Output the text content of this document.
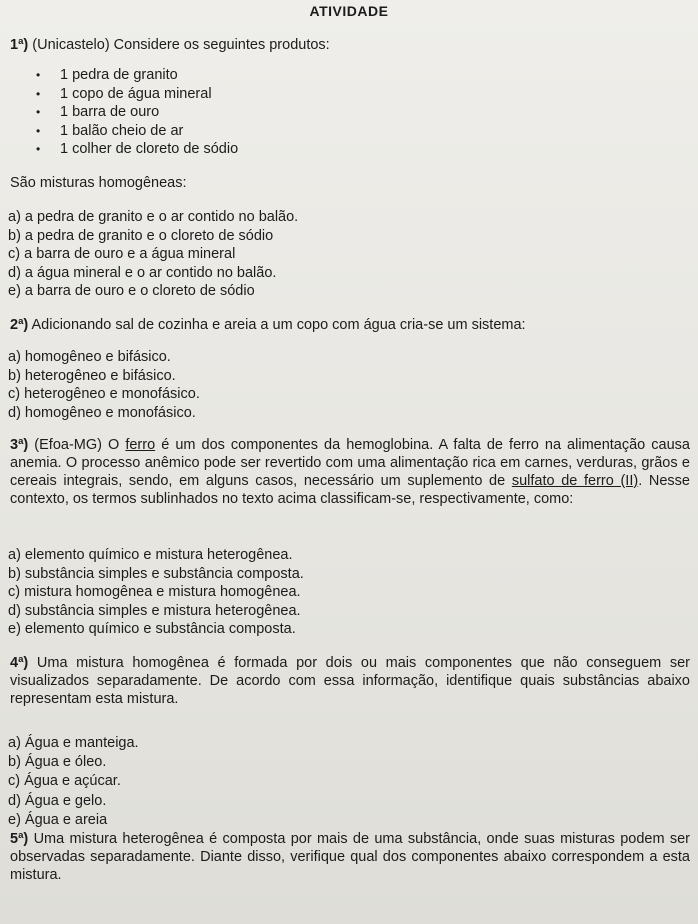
ATIVIDADE
1ª) (Unicastelo) Considere os seguintes produtos:
• 1 pedra de granito
• 1 copo de água mineral
• 1 barra de ouro
• 1 balão cheio de ar
• 1 colher de cloreto de sódio
São misturas homogêneas:
a) a pedra de granito e o ar contido no balão.
b) a pedra de granito e o cloreto de sódio
c) a barra de ouro e a água mineral
d) a água mineral e o ar contido no balão.
e) a barra de ouro e o cloreto de sódio
2ª) Adicionando sal de cozinha e areia a um copo com água cria-se um sistema:
a) homogêneo e bifásico.
b) heterogêneo e bifásico.
c) heterogêneo e monofásico.
d) homogêneo e monofásico.
3ª) (Efoa-MG) O ferro é um dos componentes da hemoglobina. A falta de ferro na alimentação causa anemia. O processo anêmico pode ser revertido com uma alimentação rica em carnes, verduras, grãos e cereais integrais, sendo, em alguns casos, necessário um suplemento de sulfato de ferro (II). Nesse contexto, os termos sublinhados no texto acima classificam-se, respectivamente, como:
a) elemento químico e mistura heterogênea.
b) substância simples e substância composta.
c) mistura homogênea e mistura homogênea.
d) substância simples e mistura heterogênea.
e) elemento químico e substância composta.
4ª) Uma mistura homogênea é formada por dois ou mais componentes que não conseguem ser visualizados separadamente. De acordo com essa informação, identifique quais substâncias abaixo representam esta mistura.
a) Água e manteiga.
b) Água e óleo.
c) Água e açúcar.
d) Água e gelo.
e) Água e areia
5ª) Uma mistura heterogênea é composta por mais de uma substância, onde suas misturas podem ser observadas separadamente. Diante disso, verifique qual dos componentes abaixo correspondem a esta mistura.
